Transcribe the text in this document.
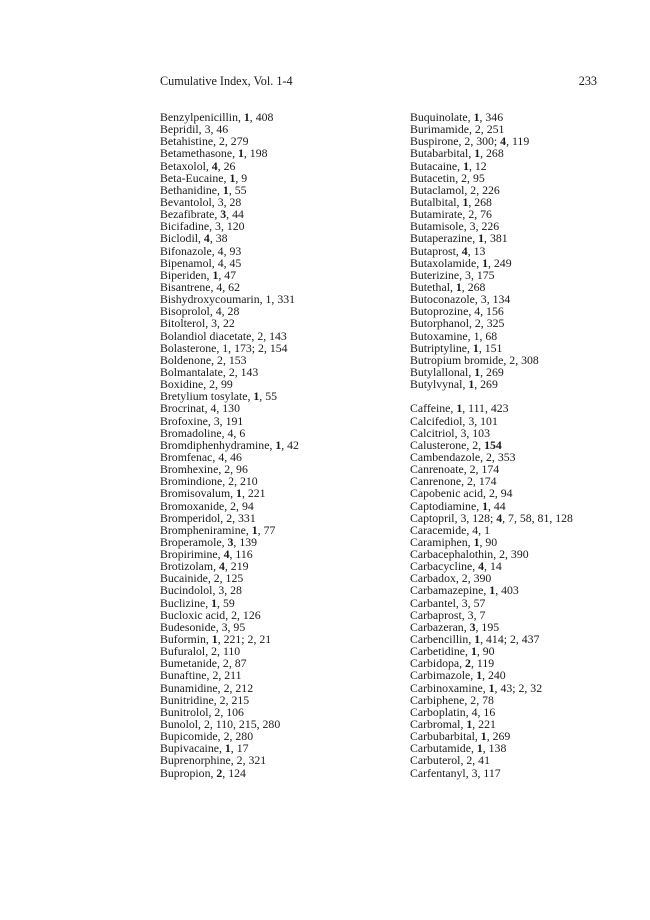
Cumulative Index, Vol. 1-4	233
Benzylpenicillin, 1, 408
Bepridil, 3, 46
Betahistine, 2, 279
Betamethasone, 1, 198
Betaxolol, 4, 26
Beta-Eucaine, 1, 9
Bethanidine, 1, 55
Bevantolol, 3, 28
Bezafibrate, 3, 44
Bicifadine, 3, 120
Biclodil, 4, 38
Bifonazole, 4, 93
Bipenamol, 4, 45
Biperiden, 1, 47
Bisantrene, 4, 62
Bishydroxycoumarin, 1, 331
Bisoprolol, 4, 28
Bitolterol, 3, 22
Bolandiol diacetate, 2, 143
Bolasterone, 1, 173; 2, 154
Boldenone, 2, 153
Bolmantalate, 2, 143
Boxidine, 2, 99
Bretylium tosylate, 1, 55
Brocrinat, 4, 130
Brofoxine, 3, 191
Bromadoline, 4, 6
Bromdiphenhydramine, 1, 42
Bromfenac, 4, 46
Bromhexine, 2, 96
Bromindione, 2, 210
Bromisovalum, 1, 221
Bromoxanide, 2, 94
Bromperidol, 2, 331
Brompheniramine, 1, 77
Broperamole, 3, 139
Bropirimine, 4, 116
Brotizolam, 4, 219
Bucainide, 2, 125
Bucindolol, 3, 28
Buclizine, 1, 59
Bucloxic acid, 2, 126
Budesonide, 3, 95
Buformin, 1, 221; 2, 21
Bufuralol, 2, 110
Bumetanide, 2, 87
Bunaftine, 2, 211
Bunamidine, 2, 212
Bunitridine, 2, 215
Bunitrolol, 2, 106
Bunolol, 2, 110, 215, 280
Bupicomide, 2, 280
Bupivacaine, 1, 17
Buprenorphine, 2, 321
Bupropion, 2, 124
Buquinolate, 1, 346
Burimamide, 2, 251
Buspirone, 2, 300; 4, 119
Butabarbital, 1, 268
Butacaine, 1, 12
Butacetin, 2, 95
Butaclamol, 2, 226
Butalbital, 1, 268
Butamirate, 2, 76
Butamisole, 3, 226
Butaperazine, 1, 381
Butaprost, 4, 13
Butaxolamide, 1, 249
Buterizine, 3, 175
Butethal, 1, 268
Butoconazole, 3, 134
Butoprozine, 4, 156
Butorphanol, 2, 325
Butoxamine, 1, 68
Butriptyline, 1, 151
Butropium bromide, 2, 308
Butylallonal, 1, 269
Butylvynal, 1, 269
Caffeine, 1, 111, 423
Calcifediol, 3, 101
Calcitriol, 3, 103
Calusterone, 2, 154
Cambendazole, 2, 353
Canrenoate, 2, 174
Canrenone, 2, 174
Capobenic acid, 2, 94
Captodiamine, 1, 44
Captopril, 3, 128; 4, 7, 58, 81, 128
Caracemide, 4, 1
Caramiphen, 1, 90
Carbacephalothin, 2, 390
Carbacycline, 4, 14
Carbadox, 2, 390
Carbamazepine, 1, 403
Carbantel, 3, 57
Carbaprost, 3, 7
Carbazeran, 3, 195
Carbencillin, 1, 414; 2, 437
Carbetidine, 1, 90
Carbidopa, 2, 119
Carbimazole, 1, 240
Carbinoxamine, 1, 43; 2, 32
Carbiphene, 2, 78
Carboplatin, 4, 16
Carbromal, 1, 221
Carbubarbital, 1, 269
Carbutamide, 1, 138
Carbuterol, 2, 41
Carfentanyl, 3, 117
